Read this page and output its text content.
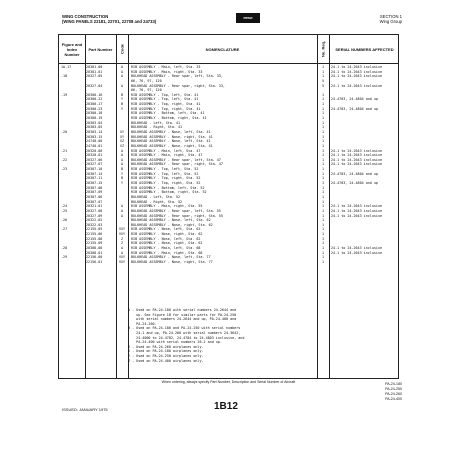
WING CONSTRUCTION
(WING PANELS 22181, 22701, 22708 and 24733)
PIPER	SECTION 1
Wing Group
Figure and Index Number
Part Number	Code	NOMENCLATURE	No. Req.	SERIAL NUMBERS AFFECTED
1A-17	20301-00	A	RIB ASSEMBLY - Main, left, Sta. 33	1	24-1 to 24-2643 inclusive
20301-01	A	RIB ASSEMBLY - Main, right, Sta. 33	1	24-1 to 24-2643 inclusive
-18	20327-05	A	BULKHEAD ASSEMBLY - Rear spar, left, Sta. 33,	1	24-1 to 24-2643 inclusive
66, 76, 97, 120	5
20327-04	A	BULKHEAD ASSEMBLY - Rear spar, right, Sta. 33,	5	24-1 to 24-2643 inclusive
66, 76, 97, 120
-19	20300-16	B	RIB ASSEMBLY - Top, left, Sta. 41	1
20300-22	Y	RIB ASSEMBLY - Top, left, Sta. 41	1	24-4783, 24-4804 and up
20300-17	B	RIB ASSEMBLY - Top, right, Sta. 41	1
20300-23	Y	RIB ASSEMBLY - Top, right, Sta. 41	1	24-4783, 24-4804 and up
20300-18	RIB ASSEMBLY - Bottom, left, Sta. 41	1
20300-19	RIB ASSEMBLY - Bottom, right, Sta. 41	1
20303-04	BULKHEAD - Left, Sta. 41	1
20303-05	BULKHEAD - Right, Sta. 41	1
-20	20303-14	XY	BULKHEAD ASSEMBLY - Nose, left, Sta. 41	1
20303-15	XY	BULKHEAD ASSEMBLY - Nose, right, Sta. 41	1
24740-00	VZ	BULKHEAD ASSEMBLY - Nose, left, Sta. 41	1
24740-01	VZ	BULKHEAD ASSEMBLY - Nose, right, Sta. 41	1
-21	20320-00	A	RIB ASSEMBLY - Main, left, Sta. 47	1	24-1 to 24-2643 inclusive
20320-01	A	RIB ASSEMBLY - Main, right, Sta. 47	1	24-1 to 24-2643 inclusive
-22	20327-06	A	BULKHEAD ASSEMBLY - Rear spar, left, Sta. 47	1	24-1 to 24-2643 inclusive
20327-07	A	BULKHEAD ASSEMBLY - Rear spar, right, Sta. 47	1	24-1 to 24-2643 inclusive
-23	20307-10	B	RIB ASSEMBLY - Top, left, Sta. 52	1
20307-14	Y	RIB ASSEMBLY - Top, left, Sta. 52	1	24-4783, 24-4804 and up
20307-11	B	RIB ASSEMBLY - Top, right, Sta. 52	1
20307-15	Y	RIB ASSEMBLY - Top, right, Sta. 52	1	24-4783, 24-4804 and up
20307-08	RIB ASSEMBLY - Bottom, left, Sta. 52	1
20307-09	RIB ASSEMBLY - Bottom, right, Sta. 52	1
20307-06	BULKHEAD - Left, Sta. 52	1
20307-07	BULKHEAD - Right, Sta. 52	1
-24	20321-01	A	RIB ASSEMBLY - Main, right, Sta. 55	1	24-1 to 24-2643 inclusive
-25	20327-08	A	BULKHEAD ASSEMBLY - Rear spar, left, Sta. 55	1	24-1 to 24-2643 inclusive
20327-09	A	BULKHEAD ASSEMBLY - Rear spar, right, Sta. 55	1	24-1 to 24-2643 inclusive
-26	20322-02	BULKHEAD ASSEMBLY - Nose, left, Sta. 62	1
20322-03	BULKHEAD ASSEMBLY - Nose, right, Sta. 62	1
-27	22155-05	VXY	RIB ASSEMBLY - Nose, left, Sta. 62	1
22155-06	VXY	RIB ASSEMBLY - Nose, right, Sta. 62	1
22155-08	Z	RIB ASSEMBLY - Nose, left, Sta. 62	1
22155-09	Z	RIB ASSEMBLY - Nose, right, Sta. 62	1
-28	20308-00	A	RIB ASSEMBLY - Main, left, Sta. 68	1	24-1 to 24-2643 inclusive
20308-01	A	RIB ASSEMBLY - Main, right, Sta. 68	1	24-1 to 24-2643 inclusive
-29	22156-00	VXY	BULKHEAD ASSEMBLY - Nose, left, Sta. 77	1
22156-01	VXY	BULKHEAD ASSEMBLY - Nose, right, Sta. 77	1
A - Used on PA-24-180 with serial numbers 24-2644 and
up. See Figure 1B for similar parts for PA-24-250
with serial numbers 24-2644 and up, PA-24-400 and
PA-24-260.
B - Used on PA-24-180 and PA-24-250 with serial numbers
24-1 and up, PA-24-260 with serial numbers 24-3642,
24-4000 to 24-4782, 24-4784 to 24-4803 inclusive, and
PA-24-400 with serial numbers 26-2 and up.
V - Used on PA-24-260 airplanes only.
X - Used on PA-24-180 airplanes only.
Y - Used on PA-24-250 airplanes only.
Z - Used on PA-24-400 airplanes only.
When ordering, always specify Part Number, Description and Serial Number of Aircraft
ISSUED: JANUARY 1975	1B12
PA-24-180
PA-24-250
PA-24-260
PA-24-400
